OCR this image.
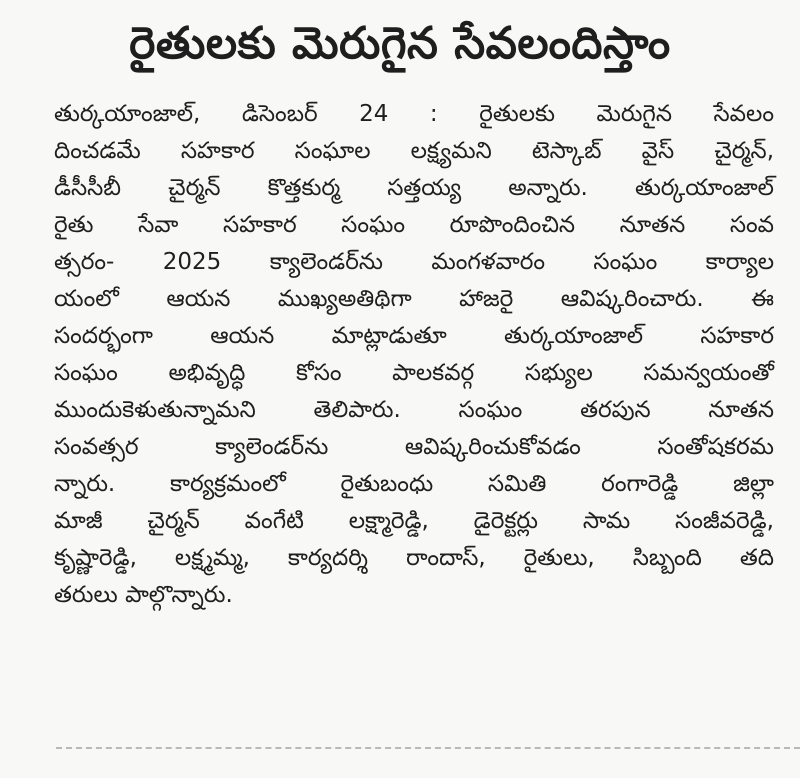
రైతులకు మెరుగైన సేవలందిస్తాం
తుర్కయాంజాల్, డిసెంబర్ 24 : రైతులకు మెరుగైన సేవలం
దించడమే సహకార సంఘాల లక్ష్యమని టెస్కాబ్ వైస్ చైర్మన్,
డీసీసీబీ చైర్మన్ కొత్తకుర్మ సత్తయ్య అన్నారు. తుర్కయాంజాల్
రైతు సేవా సహకార సంఘం రూపొందించిన నూతన సంవ
త్సరం- 2025 క్యాలెండర్‌ను మంగళవారం సంఘం కార్యాల
యంలో ఆయన ముఖ్యఅతిథిగా హాజరై ఆవిష్కరించారు. ఈ
సందర్భంగా ఆయన మాట్లాడుతూ తుర్కయాంజాల్ సహకార
సంఘం అభివృద్ధి కోసం పాలకవర్గ సభ్యుల సమన్వయంతో
ముందుకెళుతున్నామని తెలిపారు. సంఘం తరపున నూతన
సంవత్సర క్యాలెండర్‌ను ఆవిష్కరించుకోవడం సంతోషకరమ
న్నారు. కార్యక్రమంలో రైతుబంధు సమితి రంగారెడ్డి జిల్లా
మాజీ చైర్మన్ వంగేటి లక్ష్మారెడ్డి, డైరెక్టర్లు సామ సంజీవరెడ్డి,
కృష్ణారెడ్డి, లక్ష్మమ్మ, కార్యదర్శి రాందాస్, రైతులు, సిబ్బంది తది
తరులు పాల్గొన్నారు.
